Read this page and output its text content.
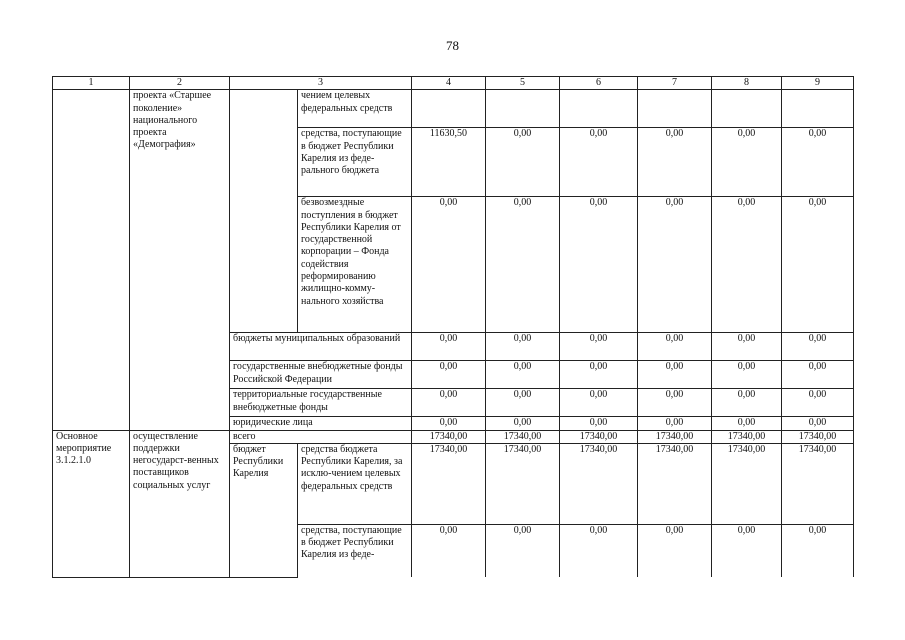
78
1	2	3		4	5	6	7	8	9
	проекта «Старшее поколение» национального проекта «Демография»		чением целевых федеральных средств						
			средства, поступающие в бюджет Республики Карелия из феде-рального бюджета	11630,50	0,00	0,00	0,00	0,00	0,00
			безвозмездные поступления в бюджет Республики Карелия от государственной корпорации – Фонда содействия реформированию жилищно-комму-нального хозяйства	0,00	0,00	0,00	0,00	0,00	0,00
		бюджеты муниципальных образований		0,00	0,00	0,00	0,00	0,00	0,00
		государственные внебюджетные фонды Российской Федерации		0,00	0,00	0,00	0,00	0,00	0,00
		территориальные государственные внебюджетные фонды		0,00	0,00	0,00	0,00	0,00	0,00
		юридические лица		0,00	0,00	0,00	0,00	0,00	0,00
Основное мероприятие 3.1.2.1.0	осуществление поддержки негосударст-венных поставщиков социальных услуг	всего		17340,00	17340,00	17340,00	17340,00	17340,00	17340,00
		бюджет Республики Карелия	средства бюджета Республики Карелия, за исклю-чением целевых федеральных средств	17340,00	17340,00	17340,00	17340,00	17340,00	17340,00
			средства, поступающие в бюджет Республики Карелия из феде-	0,00	0,00	0,00	0,00	0,00	0,00
